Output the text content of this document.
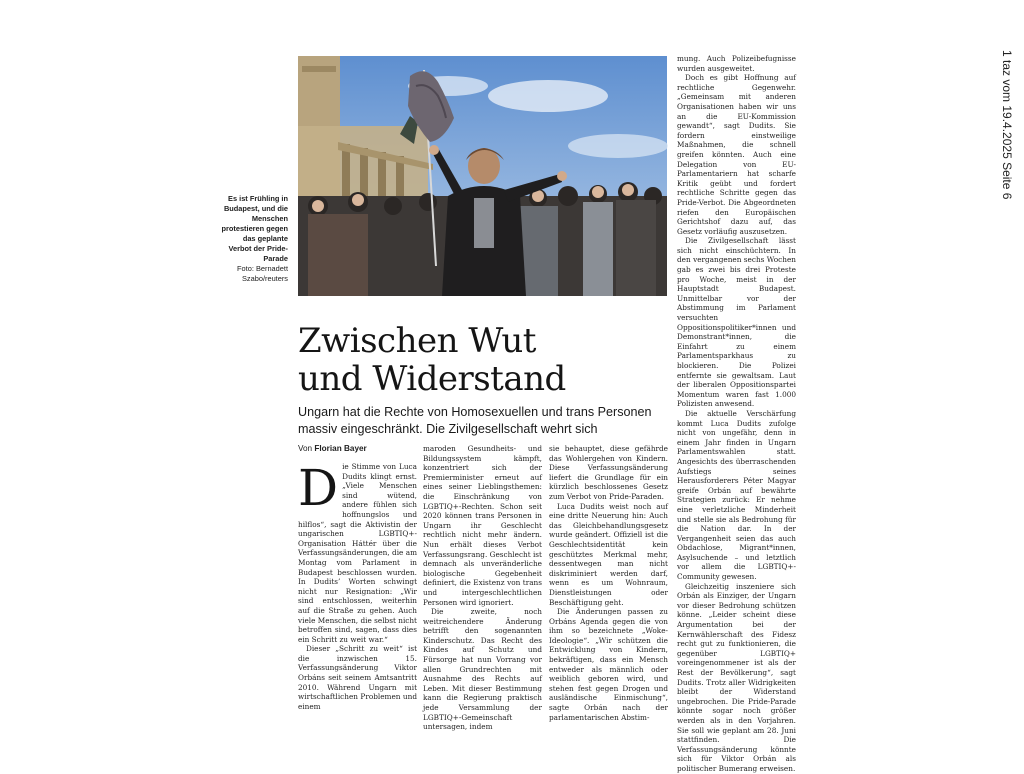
Es ist Frühling in Budapest, und die Menschen protestieren gegen das geplante Verbot der Pride-Parade
Foto: Bernadett Szabo/reuters
Zwischen Wut
und Widerstand

Ungarn hat die Rechte von Homosexuellen und trans Personen massiv eingeschränkt. Die Zivilgesellschaft wehrt sich

Von Florian Bayer

Die Stimme von Luca Dudits klingt ernst. „Viele Menschen sind wütend, andere fühlen sich hoffnungslos und hilflos“, sagt die Aktivistin der ungarischen LGBTIQ+-Organisation Háttér über die Verfassungsänderungen, die am Montag vom Parlament in Budapest beschlossen wurden. In Dudits’ Worten schwingt nicht nur Resignation: „Wir sind entschlossen, weiterhin auf die Straße zu gehen. Auch viele Menschen, die selbst nicht betroffen sind, sagen, dass dies ein Schritt zu weit war.“

Dieser „Schritt zu weit“ ist die inzwischen 15. Verfassungsänderung Viktor Orbáns seit seinem Amtsantritt 2010. Während Ungarn mit wirtschaftlichen Problemen und einem

maroden Gesundheits- und Bildungssystem kämpft, konzentriert sich der Premierminister erneut auf eines seiner Lieblingsthemen: die Einschränkung von LGBTIQ+-Rechten. Schon seit 2020 können trans Personen in Ungarn ihr Geschlecht rechtlich nicht mehr ändern. Nun erhält dieses Verbot Verfassungsrang. Geschlecht ist demnach als unveränderliche biologische Gegebenheit definiert, die Existenz von trans und intergeschlechtlichen Personen wird ignoriert.

Die zweite, noch weitreichendere Änderung betrifft den sogenannten Kinderschutz. Das Recht des Kindes auf Schutz und Fürsorge hat nun Vorrang vor allen Grundrechten mit Ausnahme des Rechts auf Leben. Mit dieser Bestimmung kann die Regierung praktisch jede Versammlung der LGBTIQ+-Gemeinschaft untersagen, indem

sie behauptet, diese gefährde das Wohlergehen von Kindern. Diese Verfassungsänderung liefert die Grundlage für ein kürzlich beschlossenes Gesetz zum Verbot von Pride-Paraden.

Luca Dudits weist noch auf eine dritte Neuerung hin: Auch das Gleichbehandlungsgesetz wurde geändert. Offiziell ist die Geschlechtsidentität kein geschütztes Merkmal mehr, dessentwegen man nicht diskriminiert werden darf, wenn es um Wohnraum, Dienstleistungen oder Beschäftigung geht.

Die Änderungen passen zu Orbáns Agenda gegen die von ihm so bezeichnete „Woke-Ideologie“. „Wir schützen die Entwicklung von Kindern, bekräftigen, dass ein Mensch entweder als männlich oder weiblich geboren wird, und stehen fest gegen Drogen und ausländische Einmischung“, sagte Orbán nach der parlamentarischen Abstim-

mung. Auch Polizeibefugnisse wurden ausgeweitet.

Doch es gibt Hoffnung auf rechtliche Gegenwehr. „Gemeinsam mit anderen Organisationen haben wir uns an die EU-Kommission gewandt“, sagt Dudits. Sie fordern einstweilige Maßnahmen, die schnell greifen könnten. Auch eine Delegation von EU-Parlamentariern hat scharfe Kritik geübt und fordert rechtliche Schritte gegen das Pride-Verbot. Die Abgeordneten riefen den Europäischen Gerichtshof dazu auf, das Gesetz vorläufig auszusetzen.

Die Zivilgesellschaft lässt sich nicht einschüchtern. In den vergangenen sechs Wochen gab es zwei bis drei Proteste pro Woche, meist in der Hauptstadt Budapest. Unmittelbar vor der Abstimmung im Parlament versuchten Oppositionspolitiker*innen und Demonstrant*innen, die Einfahrt zu einem Parlamentsparkhaus zu blockieren. Die Polizei entfernte sie gewaltsam. Laut der liberalen Oppositionspartei Momentum waren fast 1.000 Polizisten anwesend.

Die aktuelle Verschärfung kommt Luca Dudits zufolge nicht von ungefähr, denn in einem Jahr finden in Ungarn Parlamentswahlen statt. Angesichts des überraschenden Aufstiegs seines Herausforderers Péter Magyar greife Orbán auf bewährte Strategien zurück: Er nehme eine verletzliche Minderheit und stelle sie als Bedrohung für die Nation dar. In der Vergangenheit seien das auch Obdachlose, Migrant*innen, Asylsuchende – und letztlich vor allem die LGBTIQ+-Community gewesen.

Gleichzeitig inszeniere sich Orbán als Einziger, der Ungarn vor dieser Bedrohung schützen könne. „Leider scheint diese Argumentation bei der Kernwählerschaft des Fidesz recht gut zu funktionieren, die gegenüber LGBTIQ+ voreingenommener ist als der Rest der Bevölkerung“, sagt Dudits. Trotz aller Widrigkeiten bleibt der Widerstand ungebrochen. Die Pride-Parade könnte sogar noch größer werden als in den Vorjahren. Sie soll wie geplant am 28. Juni stattfinden. Die Verfassungsänderung könnte sich für Viktor Orbán als politischer Bumerang erweisen.

1 taz vom 19.4.2025 Seite 6
